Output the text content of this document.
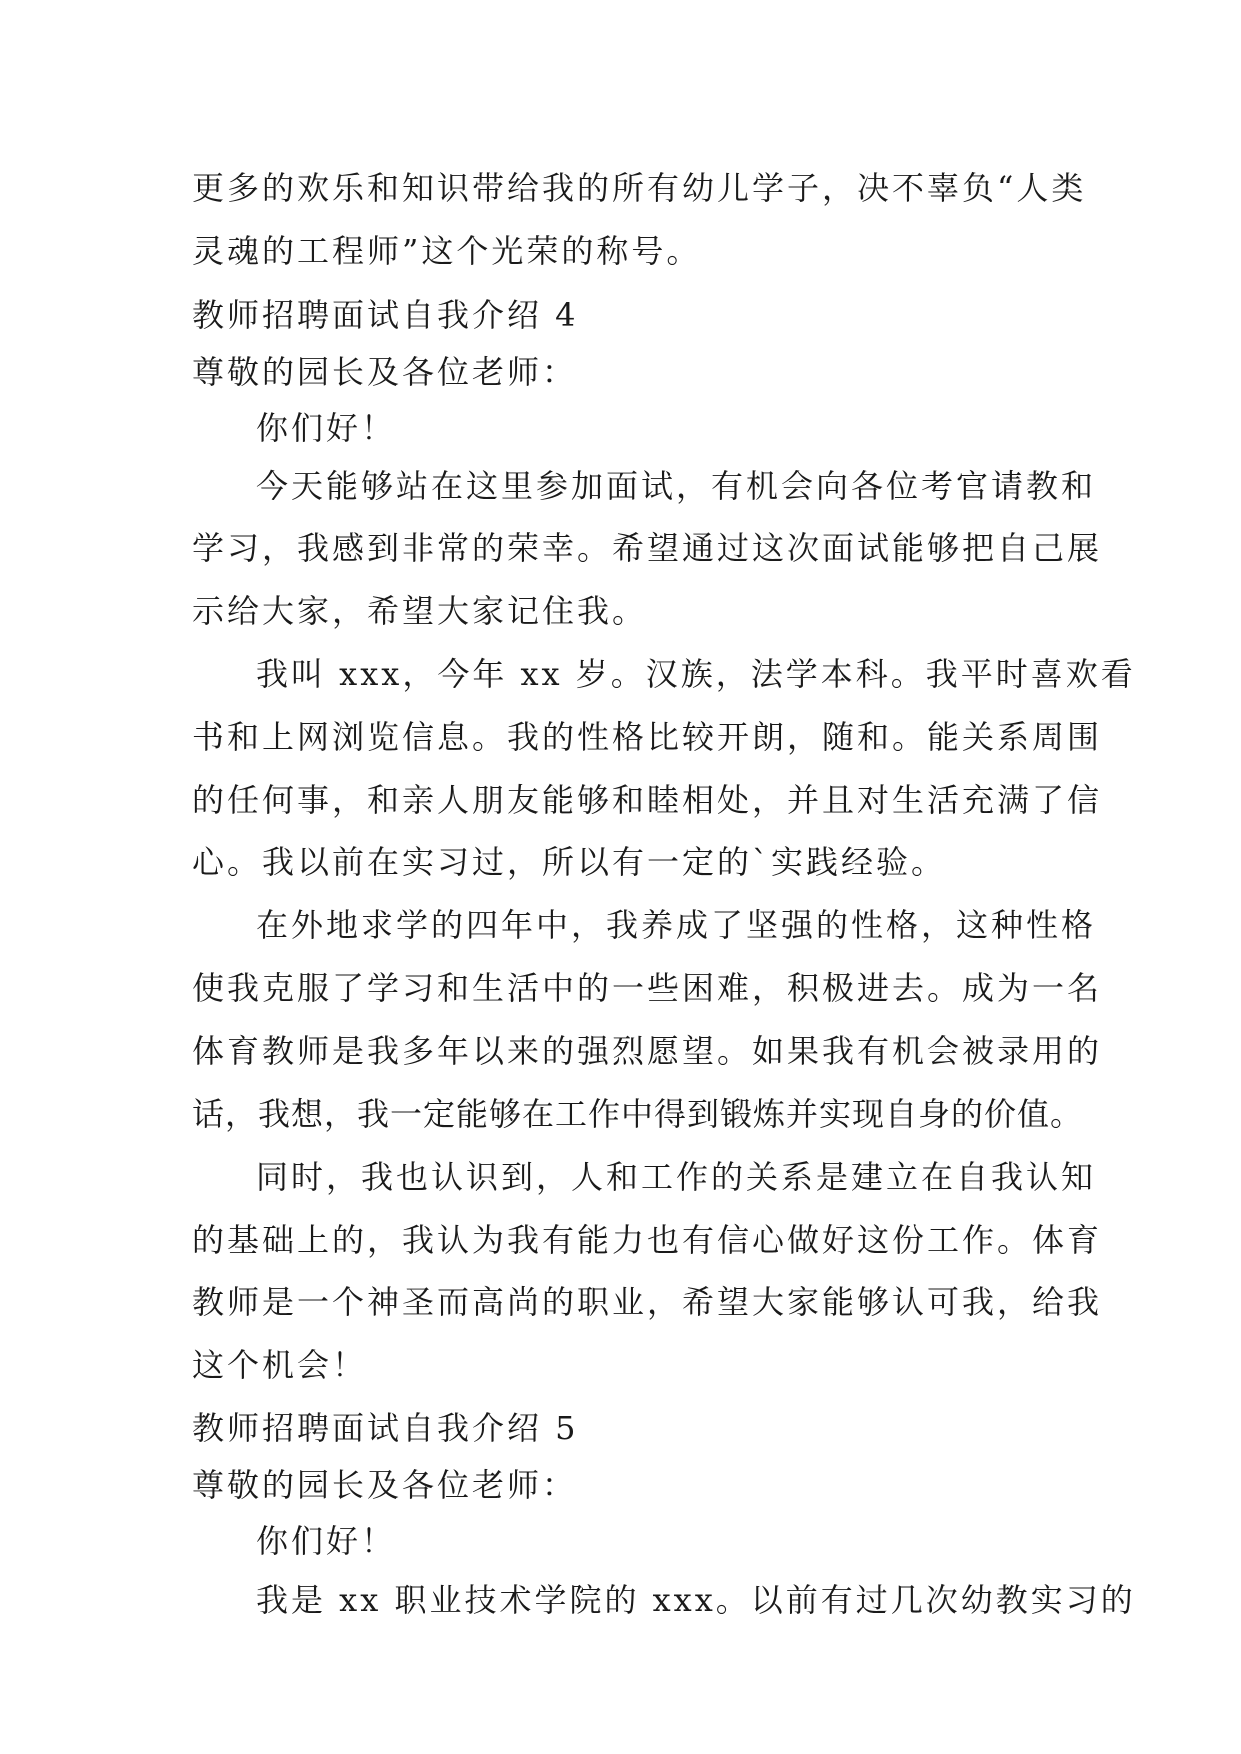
更多的欢乐和知识带给我的所有幼儿学子，决不辜负“人类
灵魂的工程师”这个光荣的称号。
教师招聘面试自我介绍 4
尊敬的园长及各位老师：
你们好！
今天能够站在这里参加面试，有机会向各位考官请教和
学习，我感到非常的荣幸。希望通过这次面试能够把自己展
示给大家，希望大家记住我。
我叫 xxx，今年 xx 岁。汉族，法学本科。我平时喜欢看
书和上网浏览信息。我的性格比较开朗，随和。能关系周围
的任何事，和亲人朋友能够和睦相处，并且对生活充满了信
心。我以前在实习过，所以有一定的`实践经验。
在外地求学的四年中，我养成了坚强的性格，这种性格
使我克服了学习和生活中的一些困难，积极进去。成为一名
体育教师是我多年以来的强烈愿望。如果我有机会被录用的
话，我想，我一定能够在工作中得到锻炼并实现自身的价值。
同时，我也认识到，人和工作的关系是建立在自我认知
的基础上的，我认为我有能力也有信心做好这份工作。体育
教师是一个神圣而高尚的职业，希望大家能够认可我，给我
这个机会！
教师招聘面试自我介绍 5
尊敬的园长及各位老师：
你们好！
我是 xx 职业技术学院的 xxx。以前有过几次幼教实习的
